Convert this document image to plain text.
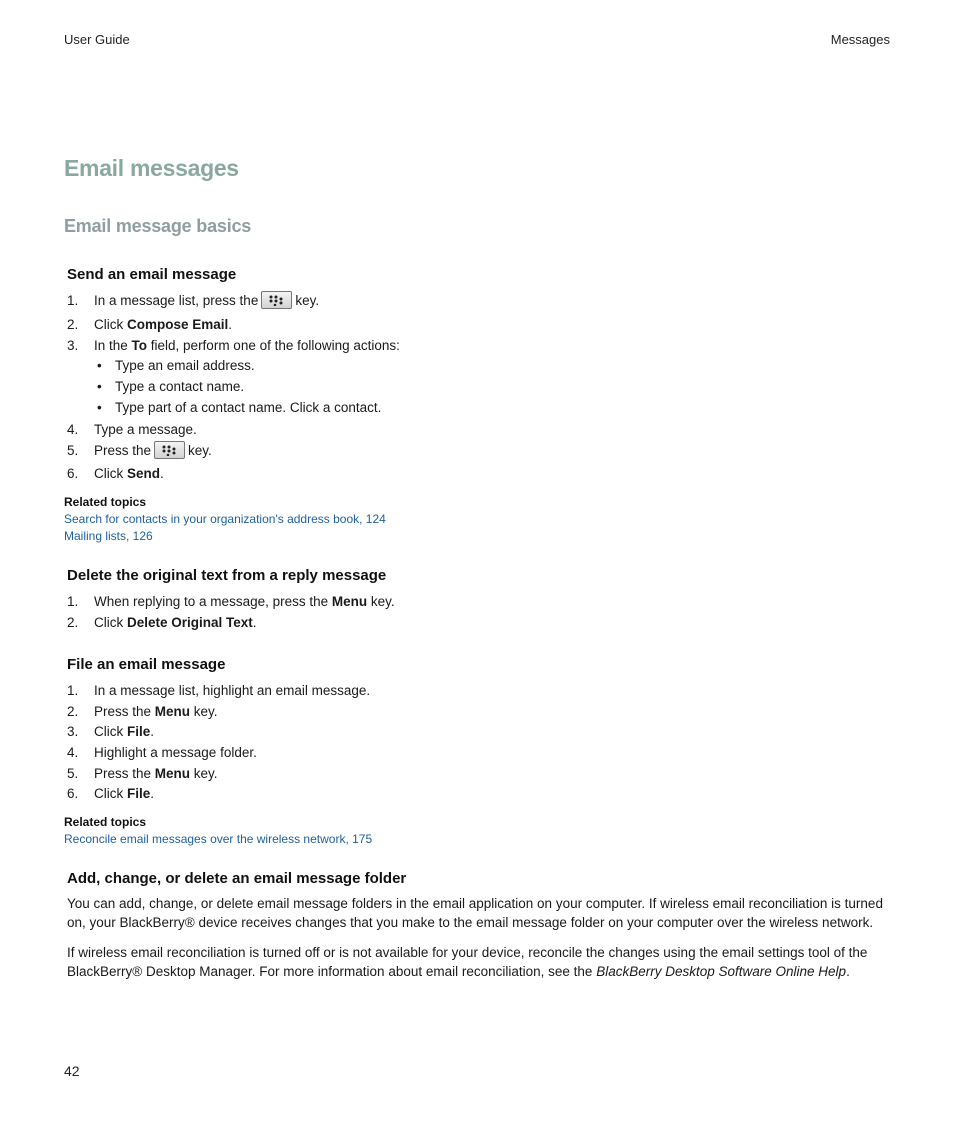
User Guide	Messages
Email messages
Email message basics
Send an email message
1. In a message list, press the	key.
2. Click Compose Email.
3. In the To field, perform one of the following actions:
• Type an email address.
• Type a contact name.
• Type part of a contact name. Click a contact.
4. Type a message.
5. Press the	key.
6. Click Send.
Related topics
Search for contacts in your organization's address book, 124
Mailing lists, 126
Delete the original text from a reply message
1. When replying to a message, press the Menu key.
2. Click Delete Original Text.
File an email message
1. In a message list, highlight an email message.
2. Press the Menu key.
3. Click File.
4. Highlight a message folder.
5. Press the Menu key.
6. Click File.
Related topics
Reconcile email messages over the wireless network, 175
Add, change, or delete an email message folder
You can add, change, or delete email message folders in the email application on your computer. If wireless email reconciliation is turned on, your BlackBerry® device receives changes that you make to the email message folder on your computer over the wireless network.
If wireless email reconciliation is turned off or is not available for your device, reconcile the changes using the email settings tool of the BlackBerry® Desktop Manager. For more information about email reconciliation, see the BlackBerry Desktop Software Online Help.
42
